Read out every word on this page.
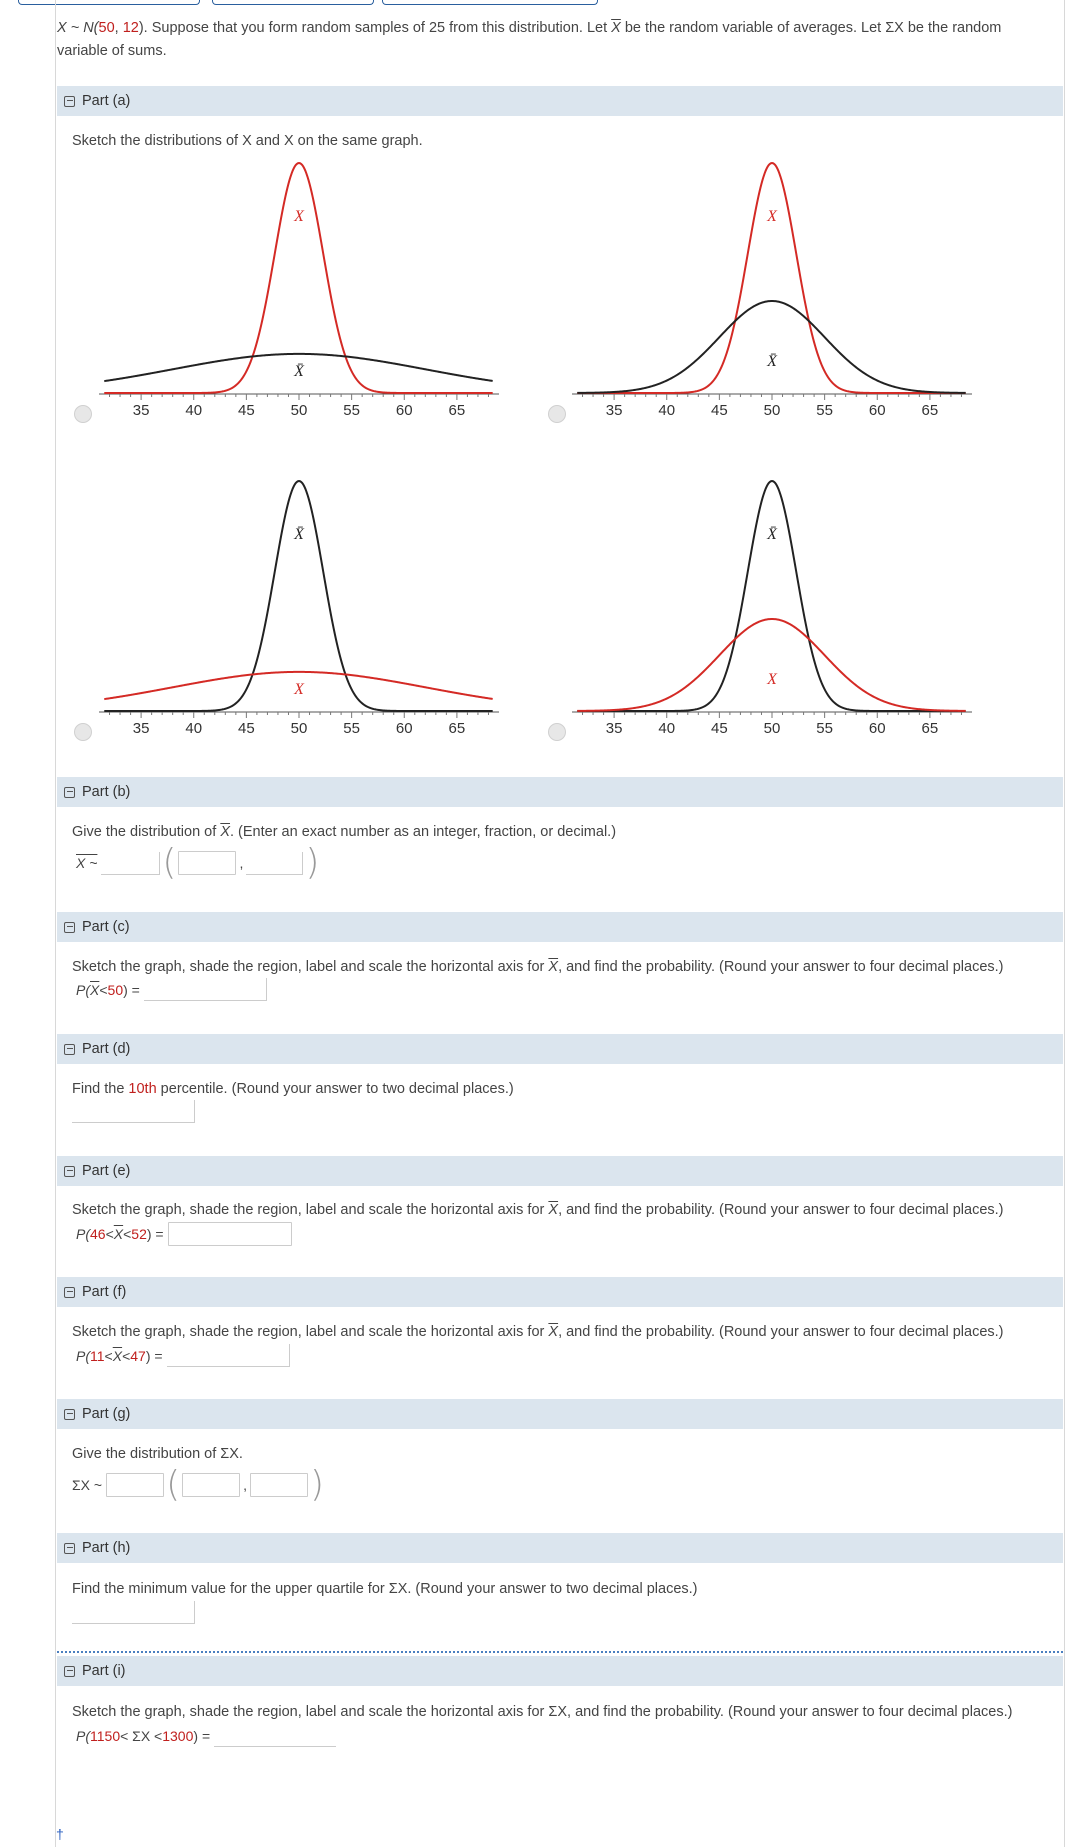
X ~ N(50, 12). Suppose that you form random samples of 25 from this distribution. Let $\overline{X}$ be the random variable of averages. Let ΣX be the random
variable of sums.
Part (a)
Sketch the distributions of X and X on the same graph.
35 40 45 50 55 60 65
X
X̄
35 40 45 50 55 60 65
X
X̄
35 40 45 50 55 60 65
X̄
X
35 40 45 50 55 60 65
X̄
X
Part (b)
Give the distribution of $\overline{X}$. (Enter an exact number as an integer, fraction, or decimal.)
X ~ (	, )
Part (c)
Sketch the graph, shade the region, label and scale the horizontal axis for $\overline{X}$, and find the probability. (Round your answer to four decimal places.)
P( $\overline{X} < 50$ ) =
Part (d)
Find the 10th percentile. (Round your answer to two decimal places.)
Part (e)
Sketch the graph, shade the region, label and scale the horizontal axis for $\overline{X}$, and find the probability. (Round your answer to four decimal places.)
P( $46 < \overline{X} < 52$ ) =
Part (f)
Sketch the graph, shade the region, label and scale the horizontal axis for $\overline{X}$, and find the probability. (Round your answer to four decimal places.)
P( $11 < \overline{X} < 47$ ) =
Part (g)
Give the distribution of ΣX.
ΣX ~ (	, )
Part (h)
Find the minimum value for the upper quartile for ΣX. (Round your answer to two decimal places.)
Part (i)
Sketch the graph, shade the region, label and scale the horizontal axis for ΣX, and find the probability. (Round your answer to four decimal places.)
P( 1150 < ΣX < 1300 ) =
†
